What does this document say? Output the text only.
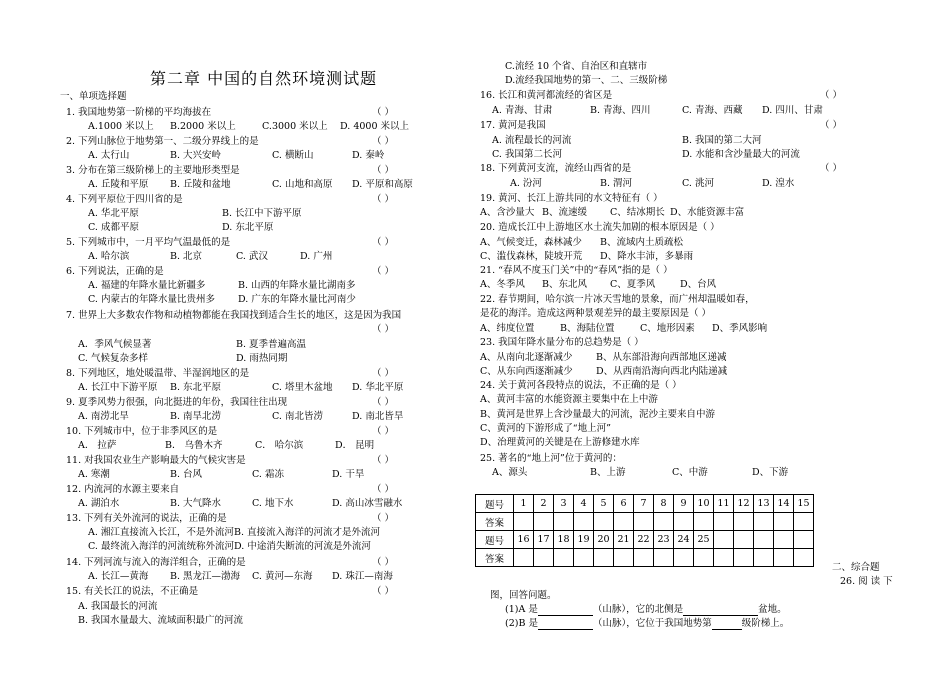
第二章 中国的自然环境测试题
一、单项选择题
1. 我国地势第一阶梯的平均海拔在	（ ）
2. 下列山脉位于地势第一、二级分界线上的是	（ ）
3. 分布在第三级阶梯上的主要地形类型是	（ ）
4. 下列平原位于四川省的是	（ ）
5. 下列城市中，一月平均气温最低的是	（ ）
6. 下列说法，正确的是	（ ）
7. 世界上大多数农作物和动植物都能在我国找到适合生长的地区，这是因为我国
（ ）
8. 下列地区，地处暖温带、半湿润地区的是	（ ）
9. 夏季风势力很强，向北挺进的年份，我国往往出现	（ ）
10. 下列城市中，位于非季风区的是	（ ）
11. 对我国农业生产影响最大的气候灾害是	（ ）
12. 内流河的水源主要来自	（ ）
13. 下列有关外流河的说法，正确的是	（ ）
14. 下列河流与流入的海洋组合，正确的是	（ ）
15. 有关长江的说法，不正确是	（ ）
A.1000 米以上 B.2000 米以上	C.3000 米以上 D. 4000 米以上
A. 太行山	B. 大兴安岭	C. 横断山	D. 秦岭
A. 丘陵和平原 B. 丘陵和盆地	C. 山地和高原 D. 平原和高原
A. 华北平原	B. 长江中下游平原
C. 成都平原	D. 东北平原
A. 哈尔滨	B. 北京	C. 武汉	D. 广州
A. 福建的年降水量比新疆多	B. 山西的年降水量比湖南多
C. 内蒙古的年降水量比贵州多 D. 广东的年降水量比河南少
A．季风气候显著	B. 夏季普遍高温
C. 气候复杂多样	D. 雨热同期
A. 长江中下游平原 B. 东北平原	C. 塔里木盆地 D. 华北平原
A. 南涝北旱	B. 南旱北涝	C. 南北皆涝	D. 南北皆旱
A． 拉萨	B． 乌鲁木齐	C． 哈尔滨	D． 昆明
A. 寒潮	B. 台风	C. 霜冻	D. 干旱
A. 湖泊水	B. 大气降水	C. 地下水	D. 高山冰雪融水
A. 湘江直接流入长江，不是外流河 B. 直接流入海洋的河流才是外流河
C. 最终流入海洋的河流统称外流河 D. 中途消失断流的河流是外流河
A. 长江—黄海 B. 黑龙江—渤海 C. 黄河—东海 D. 珠江—南海
A. 我国最长的河流
B. 我国水量最大、流域面积最广的河流
C.流经 10 个省、自治区和直辖市
D.流经我国地势的第一、二、三级阶梯
16. 长江和黄河都流经的省区是	（ ）
17. 黄河是我国	（ ）
18. 下列黄河支流，流经山西省的是	（ ）
19. 黄河、长江上游共同的水文特征有（ ）
20. 造成长江中上游地区水土流失加剧的根本原因是（ ）
21. “春风不度玉门关”中的“春风”指的是（ ）
22. 春节期间，哈尔滨一片冰天雪地的景象，而广州却温暖如春，
是花的海洋。造成这两种景观差异的最主要原因是（ ）
23. 我国年降水量分布的总趋势是（ ）
24. 关于黄河各段特点的说法，不正确的是（ ）
25. 著名的“地上河”位于黄河的：
A. 青海、甘肃	B. 青海、四川	C. 青海、西藏 D. 四川、甘肃
A. 流程最长的河流	B. 我国的第二大河
C. 我国第二长河	D. 水能和含沙量最大的河流
A. 汾河	B. 渭河	C. 洮河	D. 湟水
A、含沙量大 B、流速缓 C、结冰期长 D、水能资源丰富
A、气候变迁，森林减少 B、流域内土质疏松
C、滥伐森林，陡坡开荒 D、降水丰沛，多暴雨
A、冬季风 B、东北风 C、夏季风	D、台风
A、纬度位置	B、海陆位置	C、地形因素 D、季风影响
A、从南向北逐渐减少 B、从东部沿海向西部地区递减
C、从东向西逐渐减少 D、从西南沿海向西北内陆递减
A、黄河丰富的水能资源主要集中在上中游
B、黄河是世界上含沙量最大的河流，泥沙主要来自中游
C、黄河的下游形成了“地上河”
D、治理黄河的关键是在上游修建水库
A、源头	B、上游	C、中游	D、下游
题号	1	2	3	4	5	6	7	8	9	10	11	12	13	14	15
答案															
题号	16	17	18	19	20	21	22	23	24	25					
答案															
二、综合题
26. 阅 读 下
图，回答问题。
(1)A 是	（山脉），它的北侧是	盆地。
(2)B 是	（山脉），它位于我国地势第	级阶梯上。
